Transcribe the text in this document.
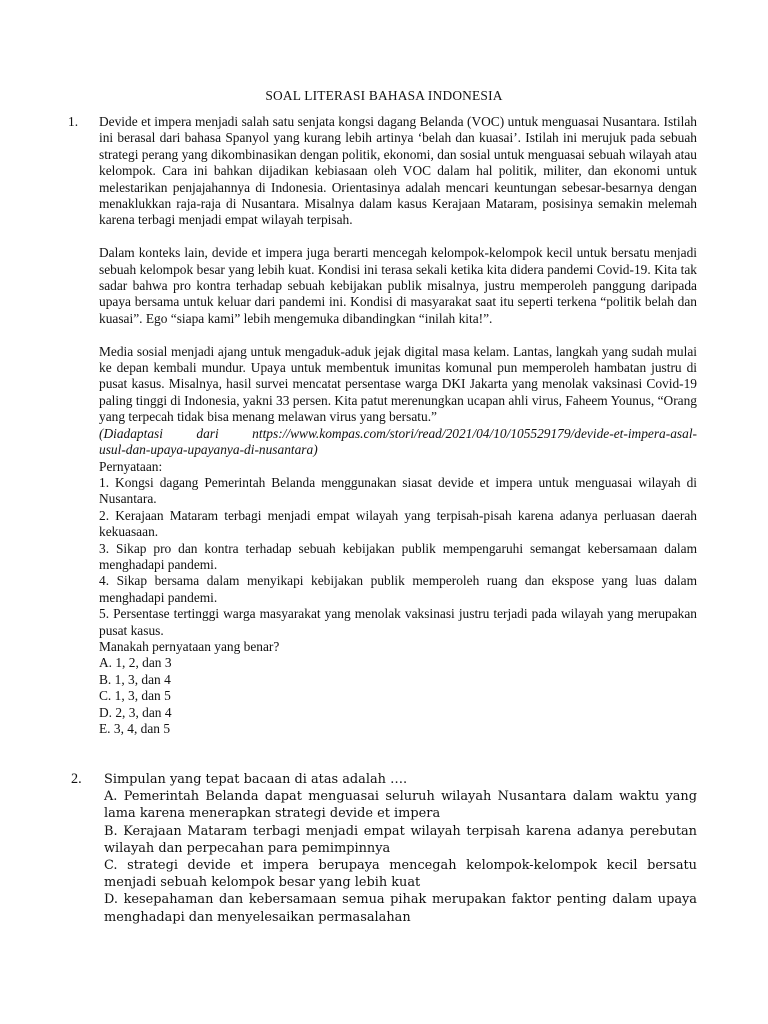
SOAL LITERASI BAHASA INDONESIA
1. Devide et impera menjadi salah satu senjata kongsi dagang Belanda (VOC) untuk menguasai Nusantara. Istilah ini berasal dari bahasa Spanyol yang kurang lebih artinya ‘belah dan kuasai’. Istilah ini merujuk pada sebuah strategi perang yang dikombinasikan dengan politik, ekonomi, dan sosial untuk menguasai sebuah wilayah atau kelompok. Cara ini bahkan dijadikan kebiasaan oleh VOC dalam hal politik, militer, dan ekonomi untuk melestarikan penjajahannya di Indonesia. Orientasinya adalah mencari keuntungan sebesar-besarnya dengan menaklukkan raja-raja di Nusantara. Misalnya dalam kasus Kerajaan Mataram, posisinya semakin melemah karena terbagi menjadi empat wilayah terpisah.

Dalam konteks lain, devide et impera juga berarti mencegah kelompok-kelompok kecil untuk bersatu menjadi sebuah kelompok besar yang lebih kuat. Kondisi ini terasa sekali ketika kita didera pandemi Covid-19. Kita tak sadar bahwa pro kontra terhadap sebuah kebijakan publik misalnya, justru memperoleh panggung daripada upaya bersama untuk keluar dari pandemi ini. Kondisi di masyarakat saat itu seperti terkena “politik belah dan kuasai”. Ego “siapa kami” lebih mengemuka dibandingkan “inilah kita!”.

Media sosial menjadi ajang untuk mengaduk-aduk jejak digital masa kelam. Lantas, langkah yang sudah mulai ke depan kembali mundur. Upaya untuk membentuk imunitas komunal pun memperoleh hambatan justru di pusat kasus. Misalnya, hasil survei mencatat persentase warga DKI Jakarta yang menolak vaksinasi Covid-19 paling tinggi di Indonesia, yakni 33 persen. Kita patut merenungkan ucapan ahli virus, Faheem Younus, “Orang yang terpecah tidak bisa menang melawan virus yang bersatu.”

(Diadaptasi dari nttps://www.kompas.com/stori/read/2021/04/10/105529179/devide-et-impera-asal-
usul-dan-upaya-upayanya-di-nusantara)
Pernyataan:

1. Kongsi dagang Pemerintah Belanda menggunakan siasat devide et impera untuk menguasai wilayah di Nusantara.

2. Kerajaan Mataram terbagi menjadi empat wilayah yang terpisah-pisah karena adanya perluasan daerah kekuasaan.

3. Sikap pro dan kontra terhadap sebuah kebijakan publik mempengaruhi semangat kebersamaan dalam menghadapi pandemi.

4. Sikap bersama dalam menyikapi kebijakan publik memperoleh ruang dan ekspose yang luas dalam menghadapi pandemi.

5. Persentase tertinggi warga masyarakat yang menolak vaksinasi justru terjadi pada wilayah yang merupakan pusat kasus.

Manakah pernyataan yang benar?
A. 1, 2, dan 3
B. 1, 3, dan 4
C. 1, 3, dan 5
D. 2, 3, dan 4
E. 3, 4, dan 5
2. Simpulan yang tepat bacaan di atas adalah ….
A. Pemerintah Belanda dapat menguasai seluruh wilayah Nusantara dalam waktu yang lama karena menerapkan strategi devide et impera
B. Kerajaan Mataram terbagi menjadi empat wilayah terpisah karena adanya perebutan wilayah dan perpecahan para pemimpinnya
C. strategi devide et impera berupaya mencegah kelompok-kelompok kecil bersatu menjadi sebuah kelompok besar yang lebih kuat
D. kesepahaman dan kebersamaan semua pihak merupakan faktor penting dalam upaya menghadapi dan menyelesaikan permasalahan
